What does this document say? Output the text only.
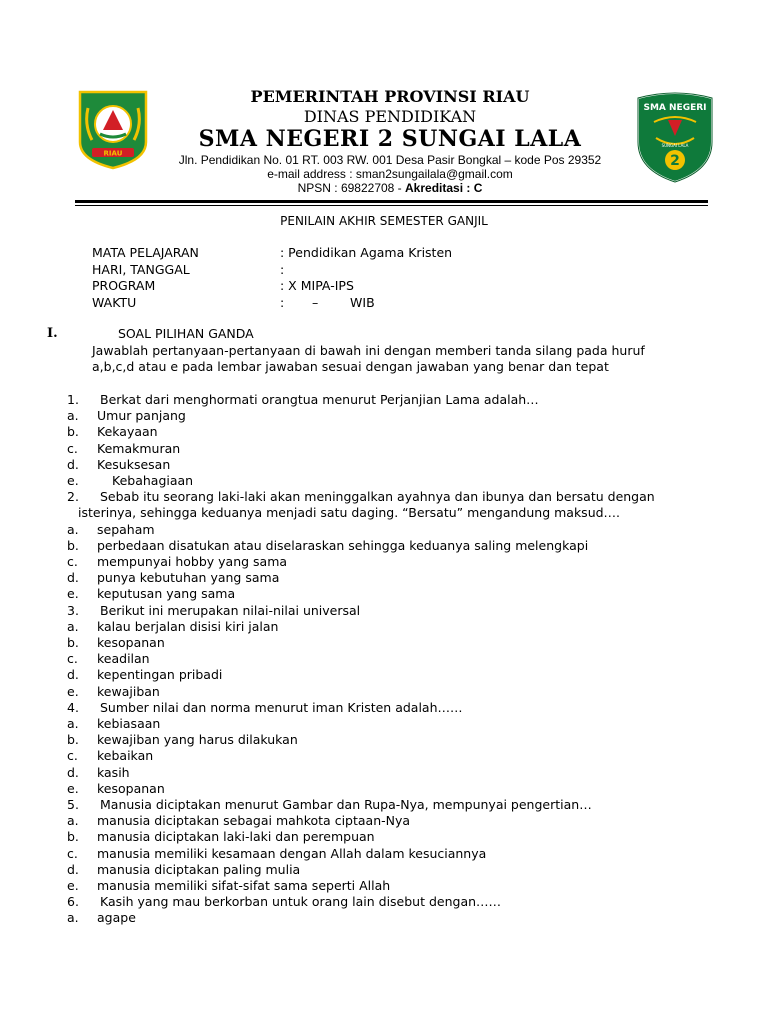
RIAU
SMA NEGERI
SUNGAI LALA
2
PEMERINTAH PROVINSI RIAU
DINAS PENDIDIKAN
SMA NEGERI 2 SUNGAI LALA
Jln. Pendidikan No. 01 RT. 003 RW. 001 Desa Pasir Bongkal – kode Pos 29352
e-mail address : sman2sungailala@gmail.com
NPSN : 69822708 - Akreditasi : C
PENILAIN AKHIR SEMESTER GANJIL
MATA PELAJARAN	: Pendidikan Agama Kristen
HARI, TANGGAL	:
PROGRAM	: X MIPA-IPS
WAKTU	:       –        WIB
I.	SOAL PILIHAN GANDA
Jawablah pertanyaan-pertanyaan di bawah ini dengan memberi tanda silang pada huruf
a,b,c,d atau e pada lembar jawaban sesuai dengan jawaban yang benar dan tepat
1. Berkat dari menghormati orangtua menurut Perjanjian Lama adalah…
a. Umur panjang
b. Kekayaan
c. Kemakmuran
d. Kesuksesan
e.	Kebahagiaan
2. Sebab itu seorang laki-laki akan meninggalkan ayahnya dan ibunya dan bersatu dengan
isterinya, sehingga keduanya menjadi satu daging. “Bersatu” mengandung maksud….
a. sepaham
b. perbedaan disatukan atau diselaraskan sehingga keduanya saling melengkapi
c. mempunyai hobby yang sama
d. punya kebutuhan yang sama
e. keputusan yang sama
3. Berikut ini merupakan nilai-nilai universal
a. kalau berjalan disisi kiri jalan
b. kesopanan
c. keadilan
d. kepentingan pribadi
e. kewajiban
4. Sumber nilai dan norma menurut iman Kristen adalah……
a. kebiasaan
b. kewajiban yang harus dilakukan
c. kebaikan
d. kasih
e. kesopanan
5. Manusia diciptakan menurut Gambar dan Rupa-Nya, mempunyai pengertian…
a. manusia diciptakan sebagai mahkota ciptaan-Nya
b. manusia diciptakan laki-laki dan perempuan
c. manusia memiliki kesamaan dengan Allah dalam kesuciannya
d. manusia diciptakan paling mulia
e. manusia memiliki sifat-sifat sama seperti Allah
6. Kasih yang mau berkorban untuk orang lain disebut dengan……
a. agape
